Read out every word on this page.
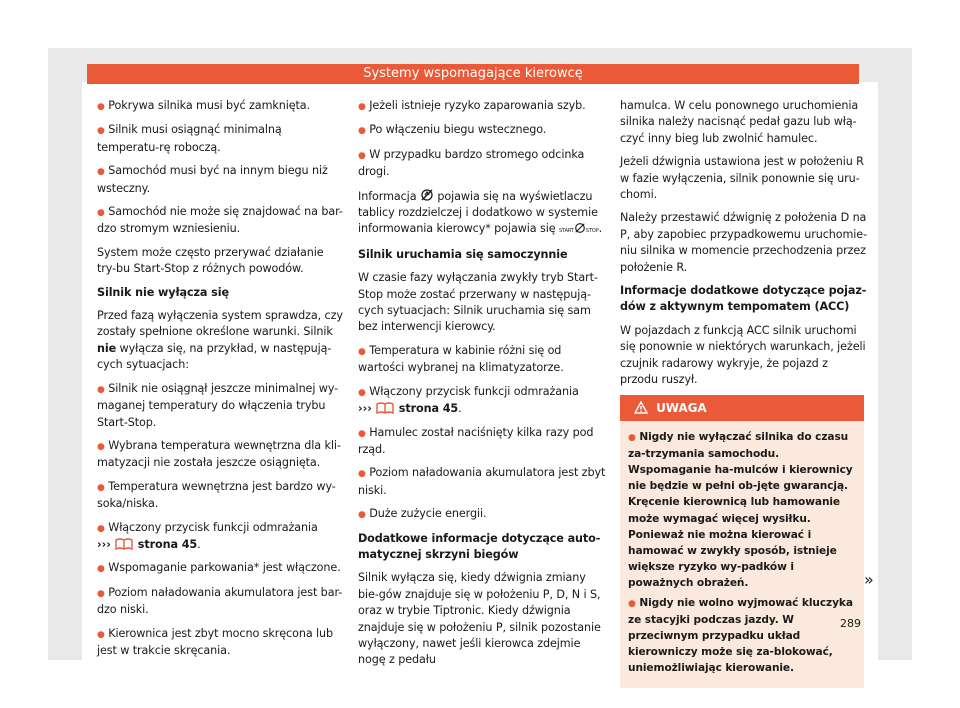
Systemy wspomagające kierowcę
● Pokrywa silnika musi być zamknięta.
● Silnik musi osiągnąć minimalną temperatu-rę roboczą.
● Samochód musi być na innym biegu niż wsteczny.
● Samochód nie może się znajdować na bar-dzo stromym wzniesieniu.

System może często przerywać działanie try-bu Start-Stop z różnych powodów.

Silnik nie wyłącza się

Przed fazą wyłączenia system sprawdza, czy zostały spełnione określone warunki. Silnik nie wyłącza się, na przykład, w następują-cych sytuacjach:

● Silnik nie osiągnął jeszcze minimalnej wy-maganej temperatury do włączenia trybu Start-Stop.
● Wybrana temperatura wewnętrzna dla kli-matyzacji nie została jeszcze osiągnięta.
● Temperatura wewnętrzna jest bardzo wy-soka/niska.
● Włączony przycisk funkcji odmrażania
››› strona 45.
● Wspomaganie parkowania* jest włączone.
● Poziom naładowania akumulatora jest bar-dzo niski.
● Kierownica jest zbyt mocno skręcona lub jest w trakcie skręcania.
● Jeżeli istnieje ryzyko zaparowania szyb.
● Po włączeniu biegu wstecznego.
● W przypadku bardzo stromego odcinka drogi.

Informacja pojawia się na wyświetlaczu tablicy rozdzielczej i dodatkowo w systemie informowania kierowcy* pojawia się START STOP.

Silnik uruchamia się samoczynnie

W czasie fazy wyłączania zwykły tryb Start-Stop może zostać przerwany w następują-cych sytuacjach: Silnik uruchamia się sam bez interwencji kierowcy.

● Temperatura w kabinie różni się od wartości wybranej na klimatyzatorze.
● Włączony przycisk funkcji odmrażania
››› strona 45.
● Hamulec został naciśnięty kilka razy pod rząd.
● Poziom naładowania akumulatora jest zbyt niski.
● Duże zużycie energii.
Dodatkowe informacje dotyczące auto-matycznej skrzyni biegów

Silnik wyłącza się, kiedy dźwignia zmiany bie-gów znajduje się w położeniu P, D, N i S, oraz w trybie Tiptronic. Kiedy dźwignia znajduje się w położeniu P, silnik pozostanie wyłączony, nawet jeśli kierowca zdejmie nogę z pedału

hamulca. W celu ponownego uruchomienia silnika należy nacisnąć pedał gazu lub włą-czyć inny bieg lub zwolnić hamulec.

Jeżeli dźwignia ustawiona jest w położeniu R w fazie wyłączenia, silnik ponownie się uru-chomi.

Należy przestawić dźwignię z położenia D na P, aby zapobiec przypadkowemu uruchomie-niu silnika w momencie przechodzenia przez położenie R.

Informacje dodatkowe dotyczące pojaz-dów z aktywnym tempomatem (ACC)

W pojazdach z funkcją ACC silnik uruchomi się ponownie w niektórych warunkach, jeżeli czujnik radarowy wykryje, że pojazd z przodu ruszył.

UWAGA
● Nigdy nie wyłączać silnika do czasu za-trzymania samochodu. Wspomaganie ha-mulców i kierownicy nie będzie w pełni ob-jęte gwarancją. Kręcenie kierownicą lub hamowanie może wymagać więcej wysiłku. Ponieważ nie można kierować i hamować w zwykły sposób, istnieje większe ryzyko wy-padków i poważnych obrażeń.
● Nigdy nie wolno wyjmować kluczyka ze stacyjki podczas jazdy. W przeciwnym przypadku układ kierowniczy może się za-blokować, uniemożliwiając kierowanie.
»
289
